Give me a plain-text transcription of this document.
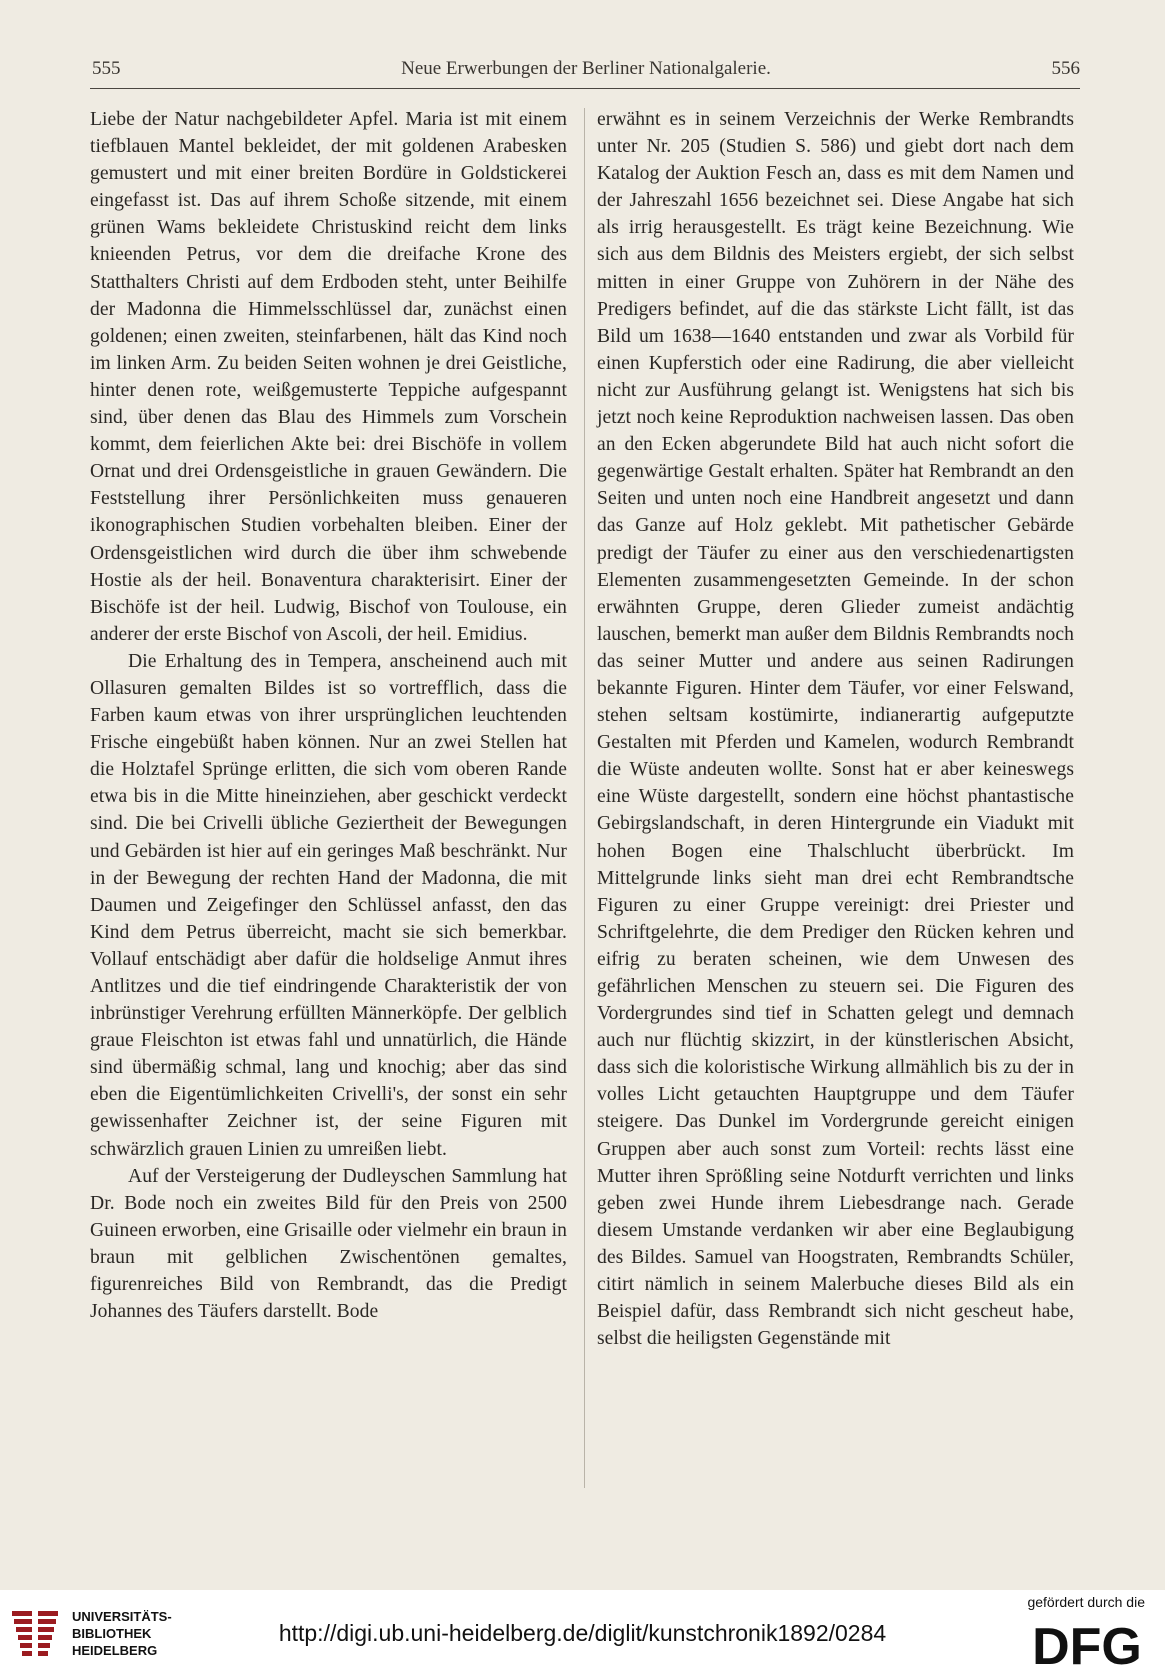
555	Neue Erwerbungen der Berliner Nationalgalerie.	556

Liebe der Natur nachgebildeter Apfel. Maria ist mit einem tiefblauen Mantel bekleidet, der mit goldenen Arabesken gemustert und mit einer breiten Bordüre in Goldstickerei eingefasst ist. Das auf ihrem Schoße sitzende, mit einem grünen Wams bekleidete Christuskind reicht dem links knieenden Petrus, vor dem die dreifache Krone des Statthalters Christi auf dem Erdboden steht, unter Beihilfe der Madonna die Himmelsschlüssel dar, zunächst einen goldenen; einen zweiten, steinfarbenen, hält das Kind noch im linken Arm. Zu beiden Seiten wohnen je drei Geistliche, hinter denen rote, weißgemusterte Teppiche aufgespannt sind, über denen das Blau des Himmels zum Vorschein kommt, dem feierlichen Akte bei: drei Bischöfe in vollem Ornat und drei Ordensgeistliche in grauen Gewändern. Die Feststellung ihrer Persönlichkeiten muss genaueren ikonographischen Studien vorbehalten bleiben. Einer der Ordensgeistlichen wird durch die über ihm schwebende Hostie als der heil. Bonaventura charakterisirt. Einer der Bischöfe ist der heil. Ludwig, Bischof von Toulouse, ein anderer der erste Bischof von Ascoli, der heil. Emidius.

Die Erhaltung des in Tempera, anscheinend auch mit Ollasuren gemalten Bildes ist so vortrefflich, dass die Farben kaum etwas von ihrer ursprünglichen leuchtenden Frische eingebüßt haben können. Nur an zwei Stellen hat die Holztafel Sprünge erlitten, die sich vom oberen Rande etwa bis in die Mitte hineinziehen, aber geschickt verdeckt sind. Die bei Crivelli übliche Geziertheit der Bewegungen und Gebärden ist hier auf ein geringes Maß beschränkt. Nur in der Bewegung der rechten Hand der Madonna, die mit Daumen und Zeigefinger den Schlüssel anfasst, den das Kind dem Petrus überreicht, macht sie sich bemerkbar. Vollauf entschädigt aber dafür die holdselige Anmut ihres Antlitzes und die tief eindringende Charakteristik der von inbrünstiger Verehrung erfüllten Männerköpfe. Der gelblich graue Fleischton ist etwas fahl und unnatürlich, die Hände sind übermäßig schmal, lang und knochig; aber das sind eben die Eigentümlichkeiten Crivelli's, der sonst ein sehr gewissenhafter Zeichner ist, der seine Figuren mit schwärzlich grauen Linien zu umreißen liebt.

Auf der Versteigerung der Dudleyschen Sammlung hat Dr. Bode noch ein zweites Bild für den Preis von 2500 Guineen erworben, eine Grisaille oder vielmehr ein braun in braun mit gelblichen Zwischentönen gemaltes, figurenreiches Bild von Rembrandt, das die Predigt Johannes des Täufers darstellt. Bode

erwähnt es in seinem Verzeichnis der Werke Rembrandts unter Nr. 205 (Studien S. 586) und giebt dort nach dem Katalog der Auktion Fesch an, dass es mit dem Namen und der Jahreszahl 1656 bezeichnet sei. Diese Angabe hat sich als irrig herausgestellt. Es trägt keine Bezeichnung. Wie sich aus dem Bildnis des Meisters ergiebt, der sich selbst mitten in einer Gruppe von Zuhörern in der Nähe des Predigers befindet, auf die das stärkste Licht fällt, ist das Bild um 1638—1640 entstanden und zwar als Vorbild für einen Kupferstich oder eine Radirung, die aber vielleicht nicht zur Ausführung gelangt ist. Wenigstens hat sich bis jetzt noch keine Reproduktion nachweisen lassen. Das oben an den Ecken abgerundete Bild hat auch nicht sofort die gegenwärtige Gestalt erhalten. Später hat Rembrandt an den Seiten und unten noch eine Handbreit angesetzt und dann das Ganze auf Holz geklebt. Mit pathetischer Gebärde predigt der Täufer zu einer aus den verschiedenartigsten Elementen zusammengesetzten Gemeinde. In der schon erwähnten Gruppe, deren Glieder zumeist andächtig lauschen, bemerkt man außer dem Bildnis Rembrandts noch das seiner Mutter und andere aus seinen Radirungen bekannte Figuren. Hinter dem Täufer, vor einer Felswand, stehen seltsam kostümirte, indianerartig aufgeputzte Gestalten mit Pferden und Kamelen, wodurch Rembrandt die Wüste andeuten wollte. Sonst hat er aber keineswegs eine Wüste dargestellt, sondern eine höchst phantastische Gebirgslandschaft, in deren Hintergrunde ein Viadukt mit hohen Bogen eine Thalschlucht überbrückt. Im Mittelgrunde links sieht man drei echt Rembrandtsche Figuren zu einer Gruppe vereinigt: drei Priester und Schriftgelehrte, die dem Prediger den Rücken kehren und eifrig zu beraten scheinen, wie dem Unwesen des gefährlichen Menschen zu steuern sei. Die Figuren des Vordergrundes sind tief in Schatten gelegt und demnach auch nur flüchtig skizzirt, in der künstlerischen Absicht, dass sich die koloristische Wirkung allmählich bis zu der in volles Licht getauchten Hauptgruppe und dem Täufer steigere. Das Dunkel im Vordergrunde gereicht einigen Gruppen aber auch sonst zum Vorteil: rechts lässt eine Mutter ihren Sprößling seine Notdurft verrichten und links geben zwei Hunde ihrem Liebesdrange nach. Gerade diesem Umstande verdanken wir aber eine Beglaubigung des Bildes. Samuel van Hoogstraten, Rembrandts Schüler, citirt nämlich in seinem Malerbuche dieses Bild als ein Beispiel dafür, dass Rembrandt sich nicht gescheut habe, selbst die heiligsten Gegenstände mit

UNIVERSITÄTS-
BIBLIOTHEK
HEIDELBERG
http://digi.ub.uni-heidelberg.de/diglit/kunstchronik1892/0284
gefördert durch die
DFG
